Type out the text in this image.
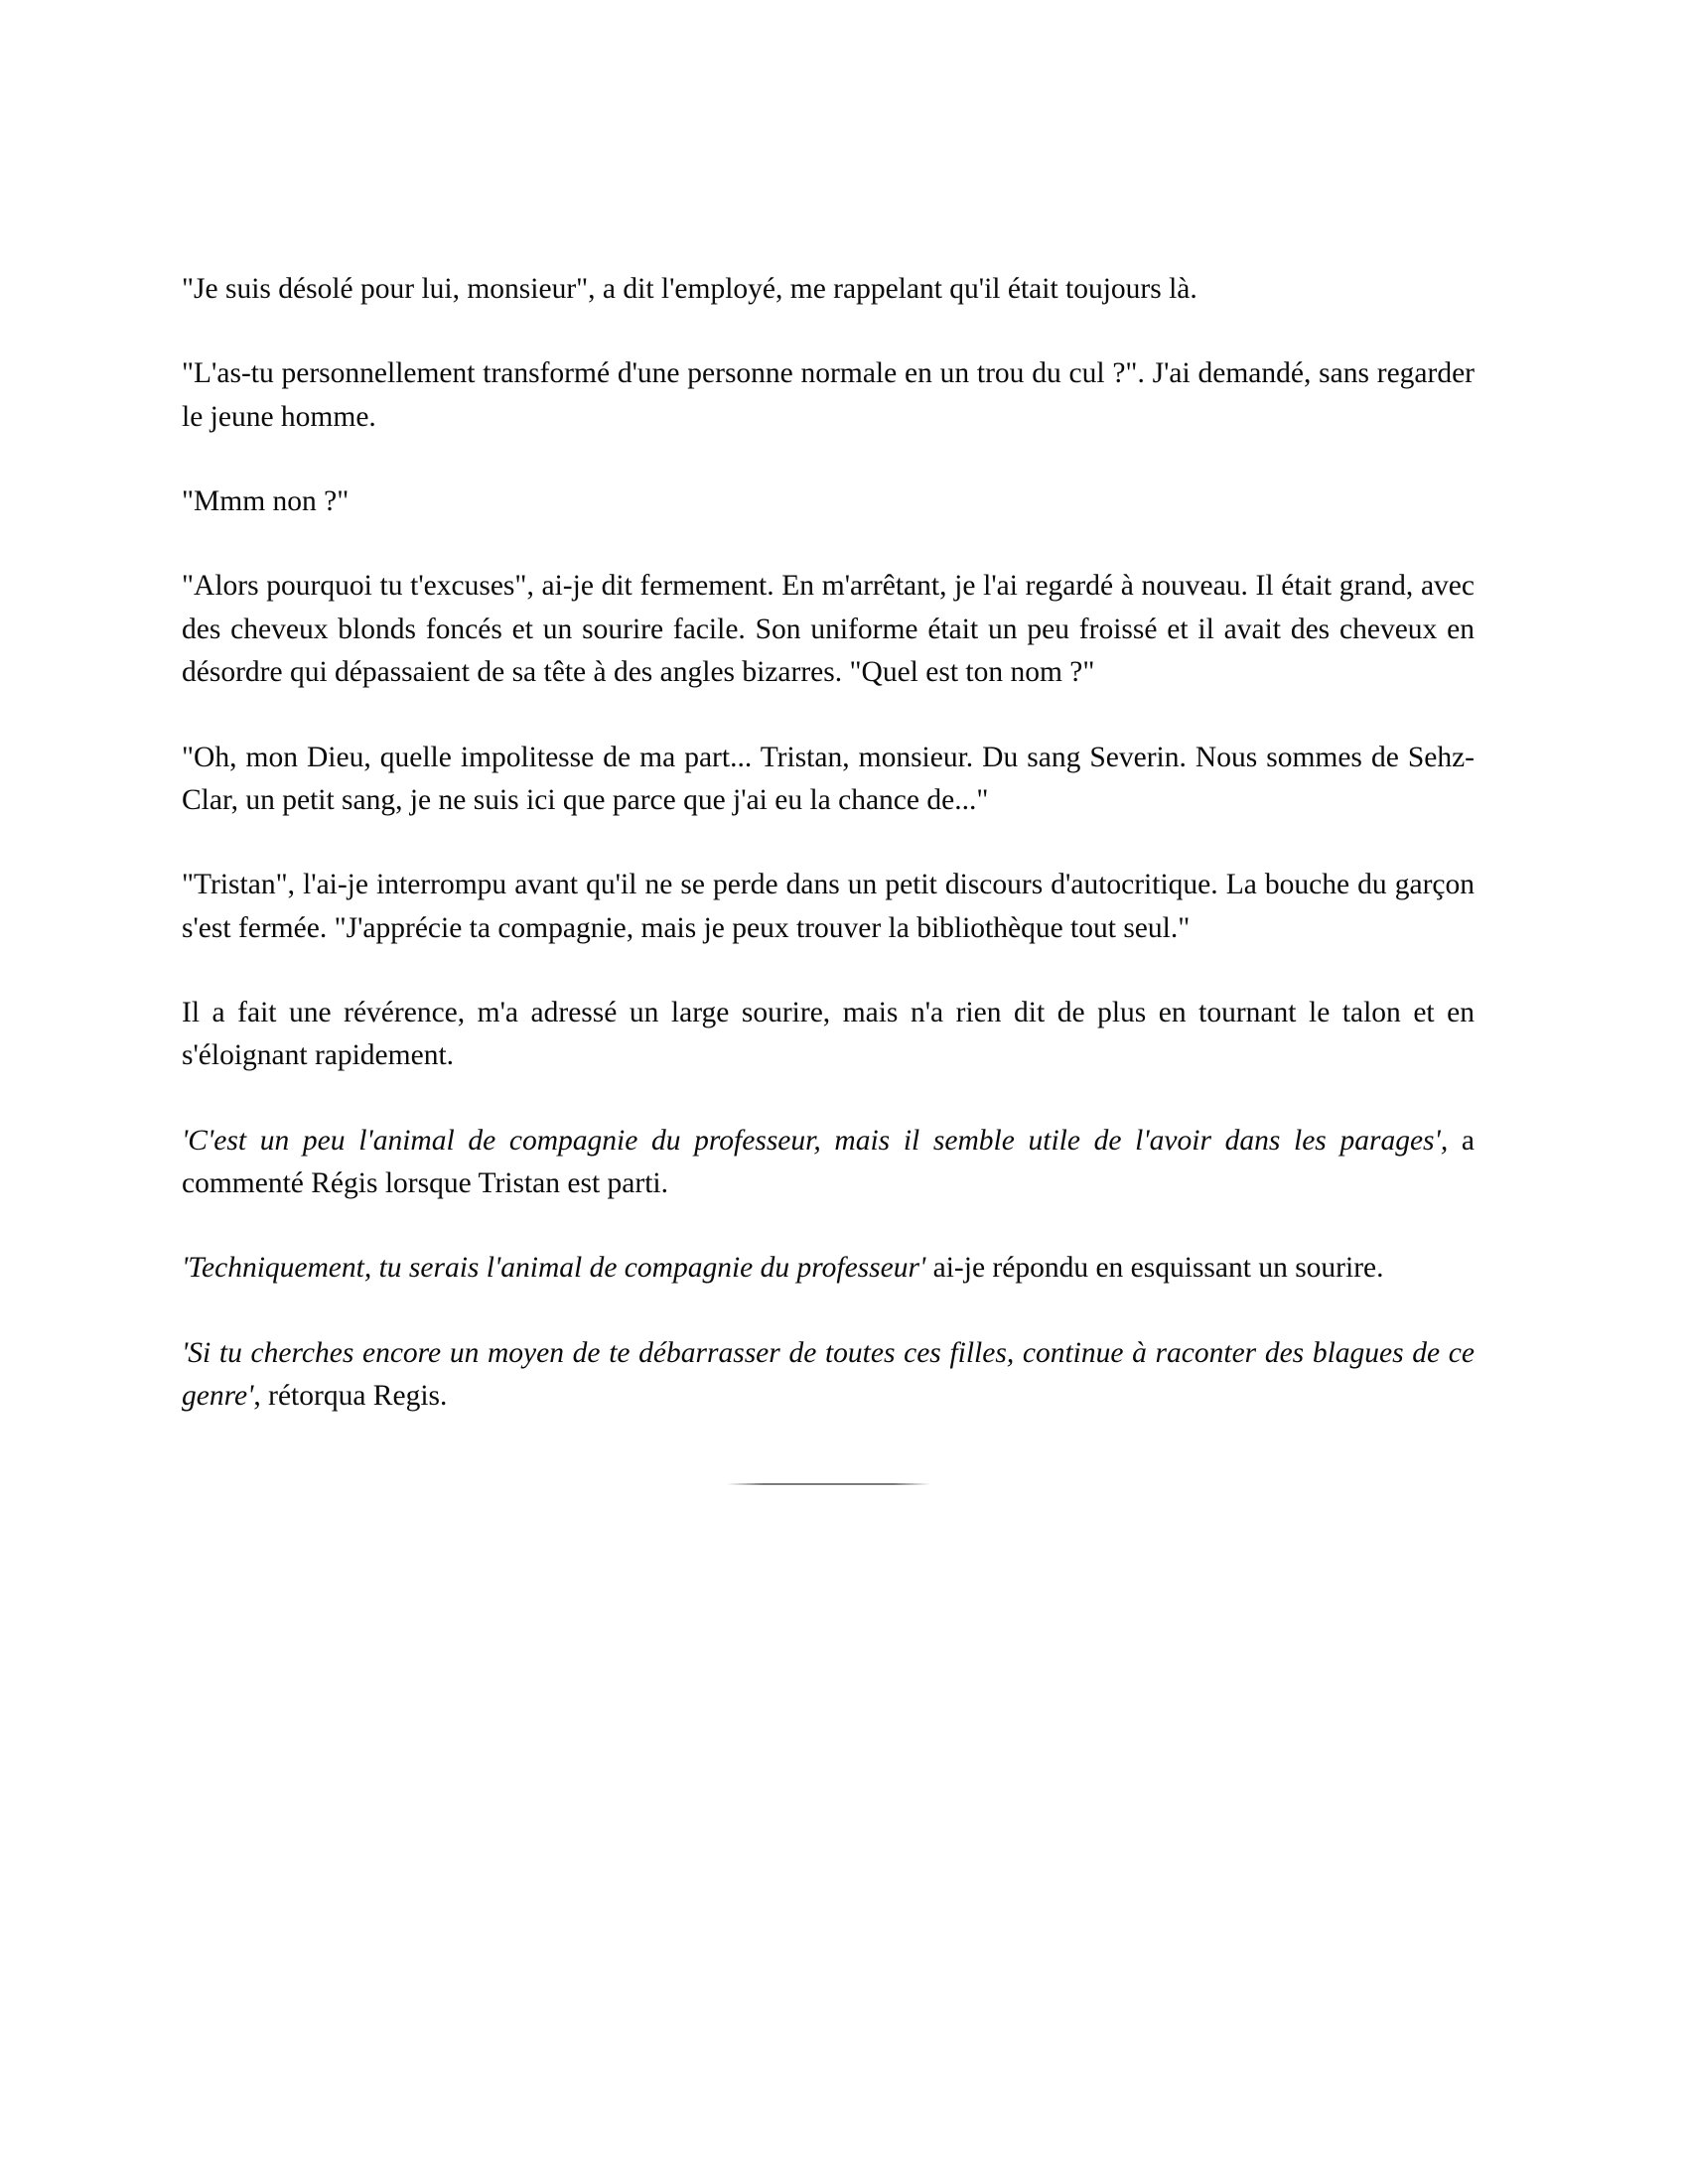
"Je suis désolé pour lui, monsieur", a dit l'employé, me rappelant qu'il était toujours là.

"L'as-tu personnellement transformé d'une personne normale en un trou du cul ?". J'ai demandé, sans regarder le jeune homme.

"Mmm non ?"

"Alors pourquoi tu t'excuses", ai-je dit fermement. En m'arrêtant, je l'ai regardé à nouveau. Il était grand, avec des cheveux blonds foncés et un sourire facile. Son uniforme était un peu froissé et il avait des cheveux en désordre qui dépassaient de sa tête à des angles bizarres. "Quel est ton nom ?"

"Oh, mon Dieu, quelle impolitesse de ma part... Tristan, monsieur. Du sang Severin. Nous sommes de Sehz-Clar, un petit sang, je ne suis ici que parce que j'ai eu la chance de..."

"Tristan", l'ai-je interrompu avant qu'il ne se perde dans un petit discours d'autocritique. La bouche du garçon s'est fermée. "J'apprécie ta compagnie, mais je peux trouver la bibliothèque tout seul."

Il a fait une révérence, m'a adressé un large sourire, mais n'a rien dit de plus en tournant le talon et en s'éloignant rapidement.

'C'est un peu l'animal de compagnie du professeur, mais il semble utile de l'avoir dans les parages', a commenté Régis lorsque Tristan est parti.

'Techniquement, tu serais l'animal de compagnie du professeur' ai-je répondu en esquissant un sourire.

'Si tu cherches encore un moyen de te débarrasser de toutes ces filles, continue à raconter des blagues de ce genre', rétorqua Regis.
